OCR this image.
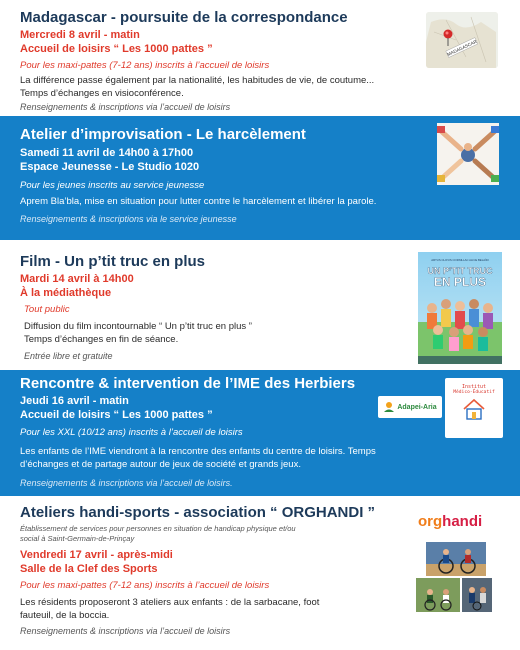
Madagascar - poursuite de la correspondance
Mercredi 8 avril - matin
Accueil de loisirs “ Les 1000 pattes ”
Pour les maxi-pattes (7-12 ans) inscrits à l’accueil de loisirs
La différence passe également par la nationalité, les habitudes de vie, de coutume...
Temps d’échanges en visioconférence.
Renseignements & inscriptions via l’accueil de loisirs
MADAGASCAR
Atelier d’improvisation - Le harcèlement
Samedi 11 avril de 14h00 à 17h00
Espace Jeunesse - Le Studio 1020
Pour les jeunes inscrits au service jeunesse
Aprem Bla’bla, mise en situation pour lutter contre le harcèlement et libérer la parole.
Renseignements & inscriptions via le service jeunesse
Film - Un p’tit truc en plus
Mardi 14 avril à 14h00
À la médiathèque
Tout public
Diffusion du film incontournable “ Un p’tit truc en plus ”
Temps d’échanges en fin de séance.
Entrée libre et gratuite
ARTUS CLOVIS CORNILLAC ALICE BELAÏDI
UN P’TIT TRUC
EN PLUS
Rencontre & intervention de l’IME des Herbiers
Jeudi 16 avril - matin
Accueil de loisirs “ Les 1000 pattes ”
Pour les XXL (10/12 ans) inscrits à l’accueil de loisirs
Les enfants de l’IME viendront à la rencontre des enfants du centre de loisirs. Temps
d’échanges et de partage autour de jeux de société et grands jeux.
Renseignements & inscriptions via l’accueil de loisirs.
Adapei-Aria
Institut
Médico-Éducatif
Ateliers handi-sports - association “ ORGHANDI ”
Établissement de services pour personnes en situation de handicap physique et/ou
social à Saint-Germain-de-Prinçay
Vendredi 17 avril - après-midi
Salle de la Clef des Sports
Pour les maxi-pattes (7-12 ans) inscrits à l’accueil de loisirs
Les résidents proposeront 3 ateliers aux enfants : de la sarbacane, foot
fauteuil, de la boccia.
Renseignements & inscriptions via l’accueil de loisirs
orghandi
